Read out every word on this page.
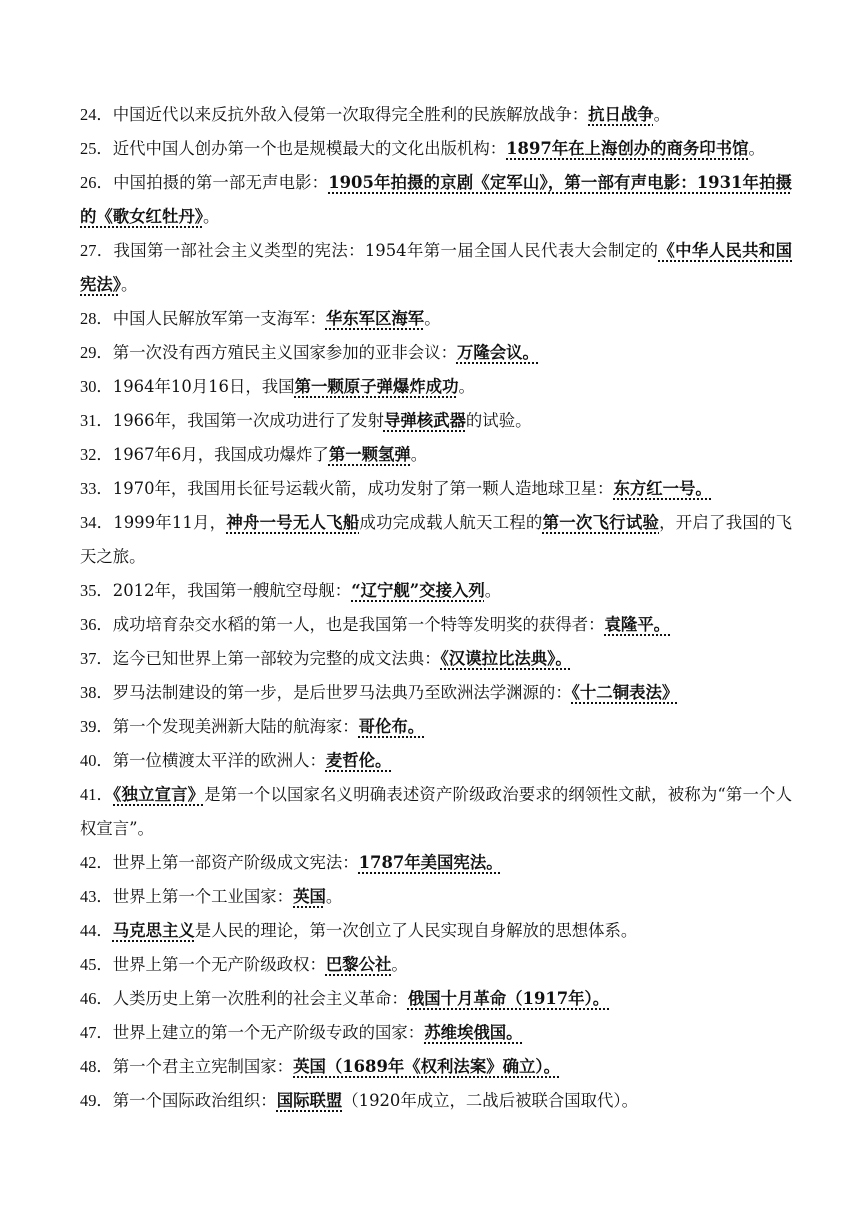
24．中国近代以来反抗外敌入侵第一次取得完全胜利的民族解放战争：抗日战争。

25．近代中国人创办第一个也是规模最大的文化出版机构：1897年在上海创办的商务印书馆。

26．中国拍摄的第一部无声电影：1905年拍摄的京剧《定军山》，第一部有声电影：1931年拍摄的《歌女红牡丹》。

27．我国第一部社会主义类型的宪法：1954年第一届全国人民代表大会制定的《中华人民共和国宪法》。

28．中国人民解放军第一支海军：华东军区海军。

29．第一次没有西方殖民主义国家参加的亚非会议：万隆会议。

30．1964年10月16日，我国第一颗原子弹爆炸成功。

31．1966年，我国第一次成功进行了发射导弹核武器的试验。

32．1967年6月，我国成功爆炸了第一颗氢弹。

33．1970年，我国用长征号运载火箭，成功发射了第一颗人造地球卫星：东方红一号。

34．1999年11月，神舟一号无人飞船成功完成载人航天工程的第一次飞行试验，开启了我国的飞天之旅。

35．2012年，我国第一艘航空母舰：“辽宁舰”交接入列。

36．成功培育杂交水稻的第一人，也是我国第一个特等发明奖的获得者：袁隆平。

37．迄今已知世界上第一部较为完整的成文法典：《汉谟拉比法典》。

38．罗马法制建设的第一步，是后世罗马法典乃至欧洲法学渊源的：《十二铜表法》

39．第一个发现美洲新大陆的航海家：哥伦布。

40．第一位横渡太平洋的欧洲人：麦哲伦。

41．《独立宣言》是第一个以国家名义明确表述资产阶级政治要求的纲领性文献，被称为“第一个人权宣言”。

42．世界上第一部资产阶级成文宪法：1787年美国宪法。

43．世界上第一个工业国家：英国。

44．马克思主义是人民的理论，第一次创立了人民实现自身解放的思想体系。

45．世界上第一个无产阶级政权：巴黎公社。

46．人类历史上第一次胜利的社会主义革命：俄国十月革命（1917年）。

47．世界上建立的第一个无产阶级专政的国家：苏维埃俄国。

48．第一个君主立宪制国家：英国（1689年《权利法案》确立）。

49．第一个国际政治组织：国际联盟（1920年成立，二战后被联合国取代）。
